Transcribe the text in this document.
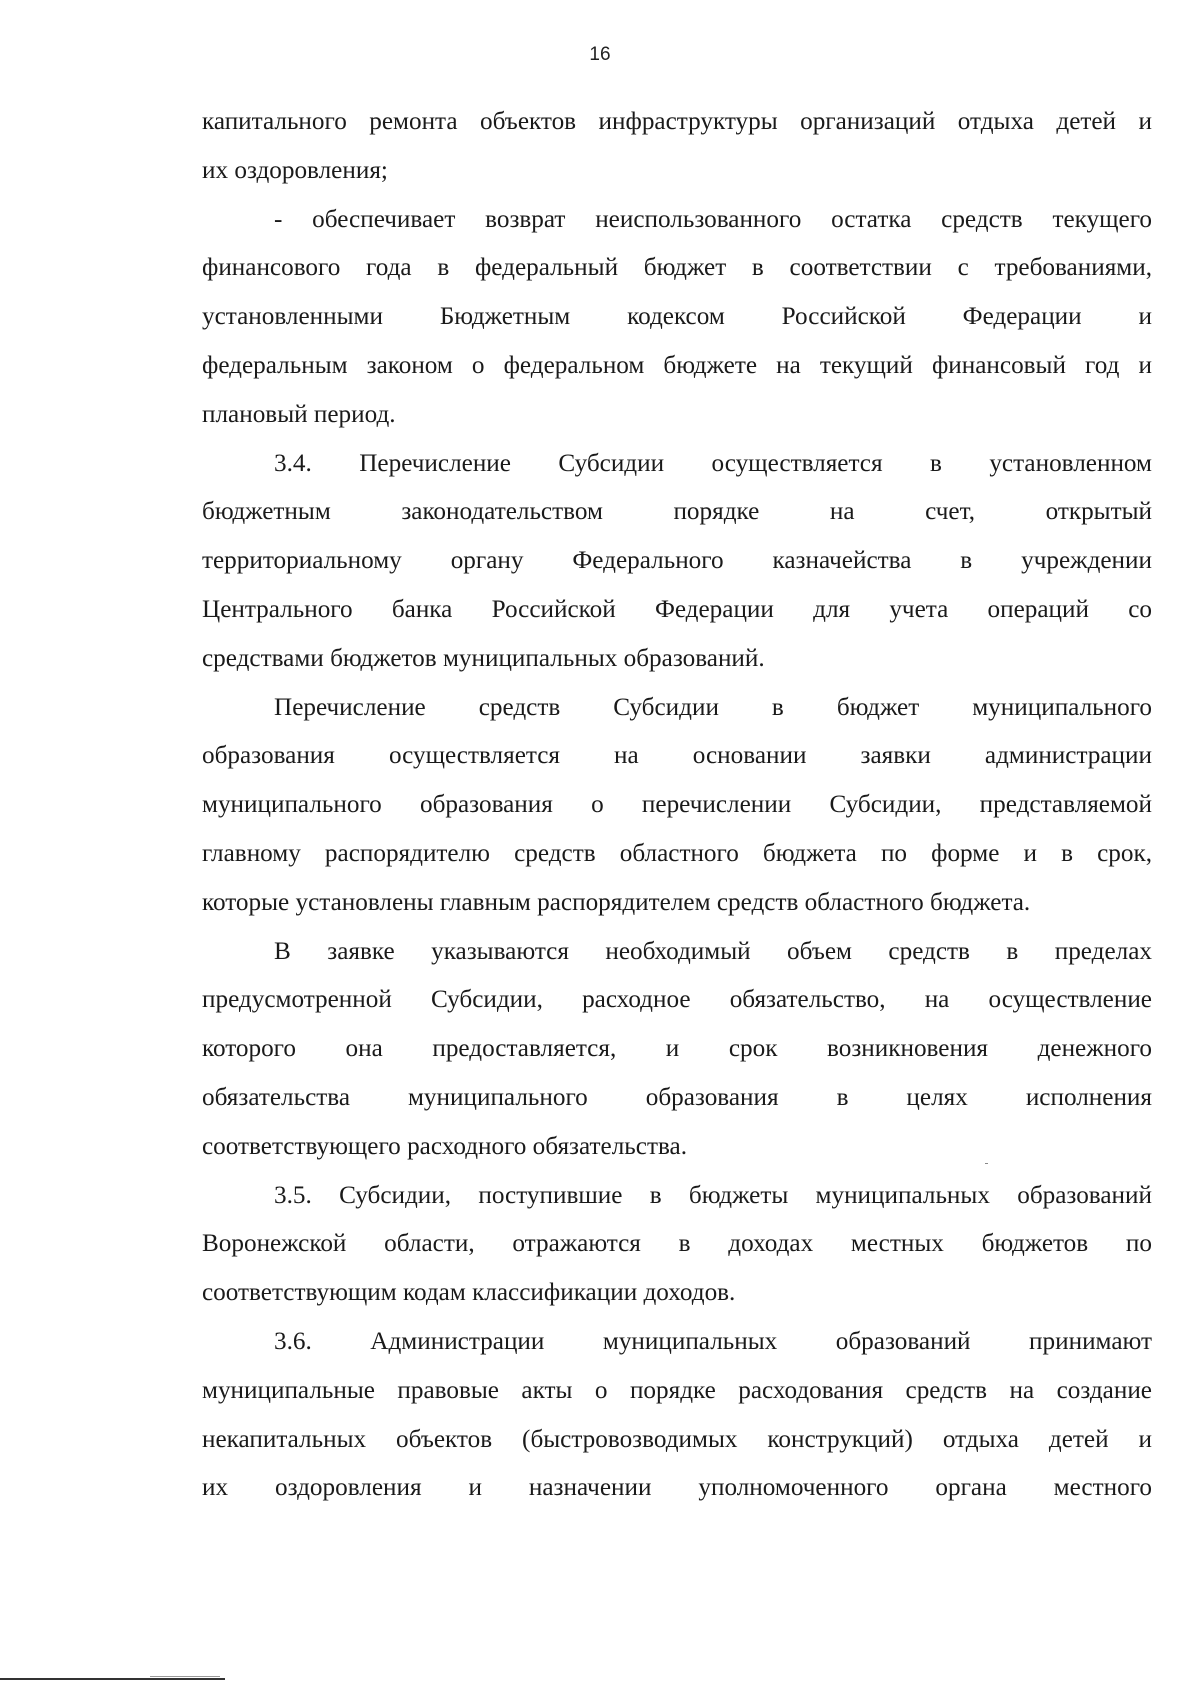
16

капитального ремонта объектов инфраструктуры организаций отдыха детей и

их оздоровления;

- обеспечивает возврат неиспользованного остатка средств текущего

финансового года в федеральный бюджет в соответствии с требованиями,

установленными Бюджетным кодексом Российской Федерации и

федеральным законом о федеральном бюджете на текущий финансовый год и

плановый период.

3.4. Перечисление Субсидии осуществляется в установленном

бюджетным законодательством порядке на счет, открытый

территориальному органу Федерального казначейства в учреждении

Центрального банка Российской Федерации для учета операций со

средствами бюджетов муниципальных образований.

Перечисление средств Субсидии в бюджет муниципального

образования осуществляется на основании заявки администрации

муниципального образования о перечислении Субсидии, представляемой

главному распорядителю средств областного бюджета по форме и в срок,

которые установлены главным распорядителем средств областного бюджета.

В заявке указываются необходимый объем средств в пределах

предусмотренной Субсидии, расходное обязательство, на осуществление

которого она предоставляется, и срок возникновения денежного

обязательства муниципального образования в целях исполнения

соответствующего расходного обязательства.

3.5. Субсидии, поступившие в бюджеты муниципальных образований

Воронежской области, отражаются в доходах местных бюджетов по

соответствующим кодам классификации доходов.

3.6. Администрации муниципальных образований принимают

муниципальные правовые акты о порядке расходования средств на создание

некапитальных объектов (быстровозводимых конструкций) отдыха детей и

их оздоровления и назначении уполномоченного органа местного
